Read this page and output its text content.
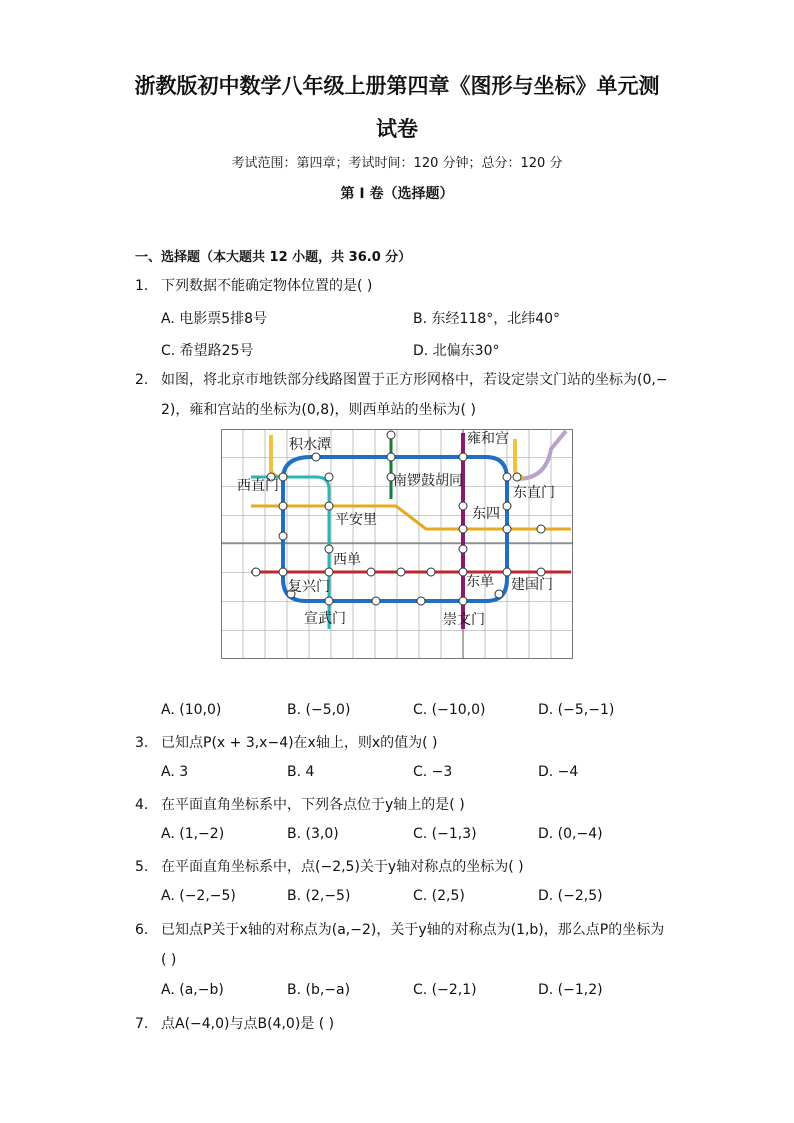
浙教版初中数学八年级上册第四章《图形与坐标》单元测
试卷
考试范围：第四章；考试时间：120 分钟；总分：120 分
第 I 卷（选择题）
一、选择题（本大题共 12 小题，共 36.0 分）
1. 下列数据不能确定物体位置的是( )
A. 电影票5排8号	B. 东经118°，北纬40°
C. 希望路25号	D. 北偏东30°
2. 如图，将北京市地铁部分线路图置于正方形网格中，若设定崇文门站的坐标为(0,−
2)，雍和宫站的坐标为(0,8)，则西单站的坐标为( )
积水潭	雍和宫
西直门	南锣鼓胡同
东直门
平安里	东四
西单
复兴门	东单 建国门
宣武门	崇文门
A. (10,0)	B. (−5,0)	C. (−10,0)	D. (−5,−1)
3. 已知点P(x + 3,x−4)在x轴上，则x的值为( )
A. 3	B. 4	C. −3	D. −4
4. 在平面直角坐标系中，下列各点位于y轴上的是( )
A. (1,−2)	B. (3,0)	C. (−1,3)	D. (0,−4)
5. 在平面直角坐标系中，点(−2,5)关于y轴对称点的坐标为( )
A. (−2,−5)	B. (2,−5)	C. (2,5)	D. (−2,5)
6. 已知点P关于x轴的对称点为(a,−2)，关于y轴的对称点为(1,b)，那么点P的坐标为
( )
A. (a,−b)	B. (b,−a)	C. (−2,1)	D. (−1,2)
7. 点A(−4,0)与点B(4,0)是 ( )
